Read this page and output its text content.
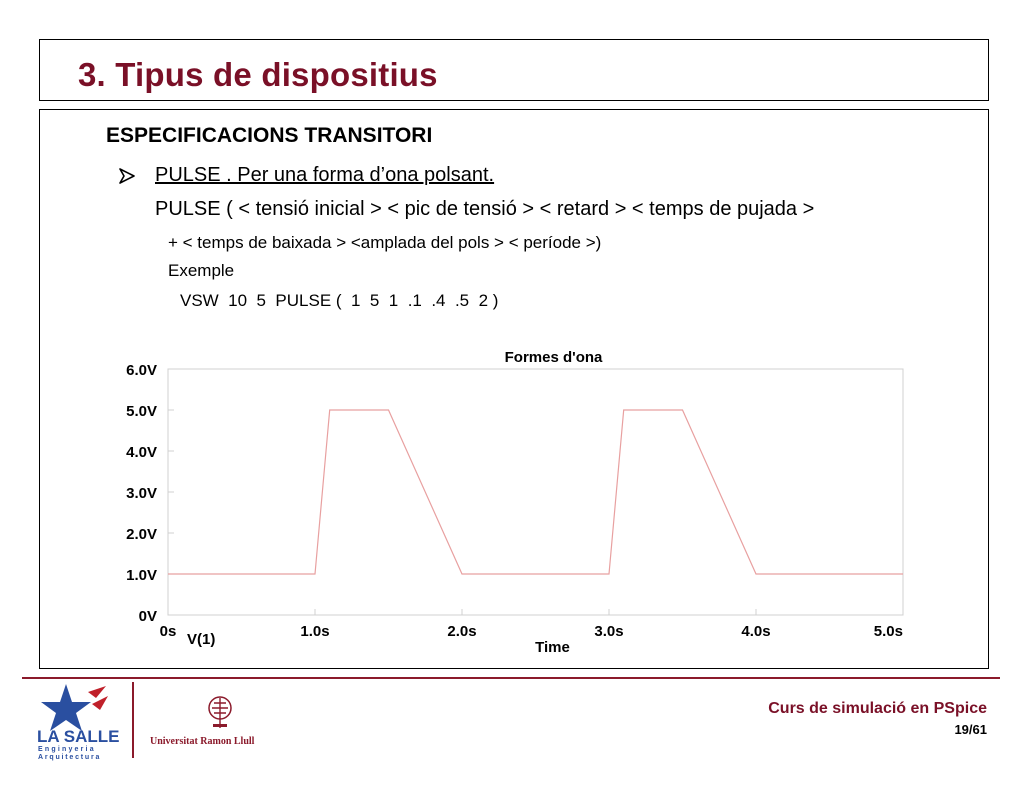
3. Tipus de dispositius
ESPECIFICACIONS TRANSITORI
PULSE . Per una forma d’ona polsant.
PULSE ( < tensió inicial > < pic de tensió > < retard > < temps de pujada >
+ < temps de baixada > <amplada del pols > < període >)
Exemple
VSW  10  5  PULSE (  1  5  1  .1  .4  .5  2 )
Formes d'ona
0V
1.0V
2.0V
3.0V
4.0V
5.0V
6.0V
0s	1.0s	2.0s	3.0s	4.0s	5.0s
Time
V(1)
LA SALLE
Enginyeria
Arquitectura
Universitat Ramon Llull
Curs de simulació en PSpice
19/61
